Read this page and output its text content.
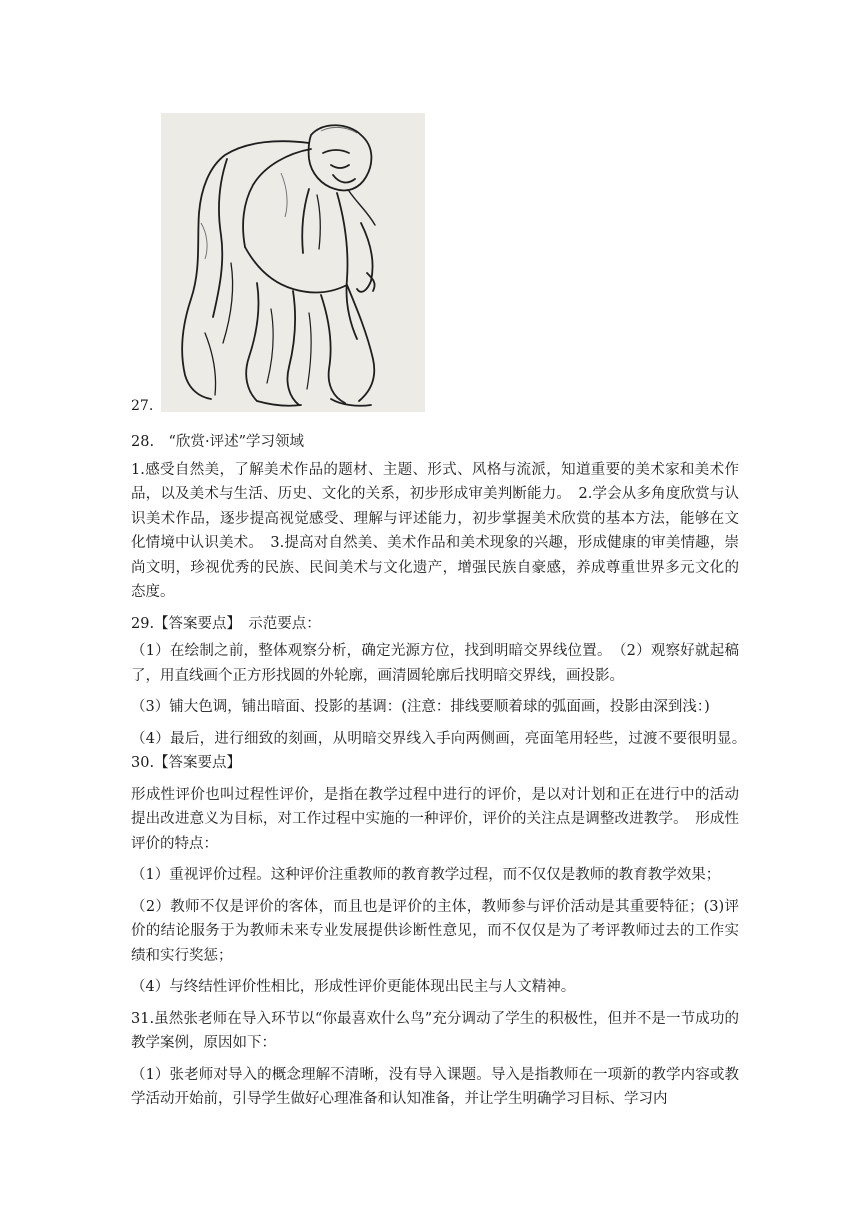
27.

28.　“欣赏·评述”学习领域

1.感受自然美，了解美术作品的题材、主题、形式、风格与流派，知道重要的美术家和美术作品，以及美术与生活、历史、文化的关系，初步形成审美判断能力。　2.学会从多角度欣赏与认识美术作品，逐步提高视觉感受、理解与评述能力，初步掌握美术欣赏的基本方法，能够在文化情境中认识美术。　3.提高对自然美、美术作品和美术现象的兴趣，形成健康的审美情趣，崇尚文明，珍视优秀的民族、民间美术与文化遗产，增强民族自豪感，养成尊重世界多元文化的态度。

29.【答案要点】　示范要点：

（1）在绘制之前，整体观察分析，确定光源方位，找到明暗交界线位置。　（2）观察好就起稿了，用直线画个正方形找圆的外轮廓，画清圆轮廓后找明暗交界线，画投影。

（3）铺大色调，铺出暗面、投影的基调：(注意：排线要顺着球的弧面画，投影由深到浅：)

（4）最后，进行细致的刻画，从明暗交界线入手向两侧画，亮面笔用轻些，过渡不要很明显。　30.【答案要点】

形成性评价也叫过程性评价，是指在教学过程中进行的评价，是以对计划和正在进行中的活动提出改进意义为目标，对工作过程中实施的一种评价，评价的关注点是调整改进教学。　形成性评价的特点：

（1）重视评价过程。这种评价注重教师的教育教学过程，而不仅仅是教师的教育教学效果；

（2）教师不仅是评价的客体，而且也是评价的主体，教师参与评价活动是其重要特征；(3)评价的结论服务于为教师未来专业发展提供诊断性意见，而不仅仅是为了考评教师过去的工作实绩和实行奖惩；

（4）与终结性评价性相比，形成性评价更能体现出民主与人文精神。

31.虽然张老师在导入环节以“你最喜欢什么鸟”充分调动了学生的积极性，但并不是一节成功的教学案例，原因如下：

（1）张老师对导入的概念理解不清晰，没有导入课题。导入是指教师在一项新的教学内容或教学活动开始前，引导学生做好心理准备和认知准备，并让学生明确学习目标、学习内
